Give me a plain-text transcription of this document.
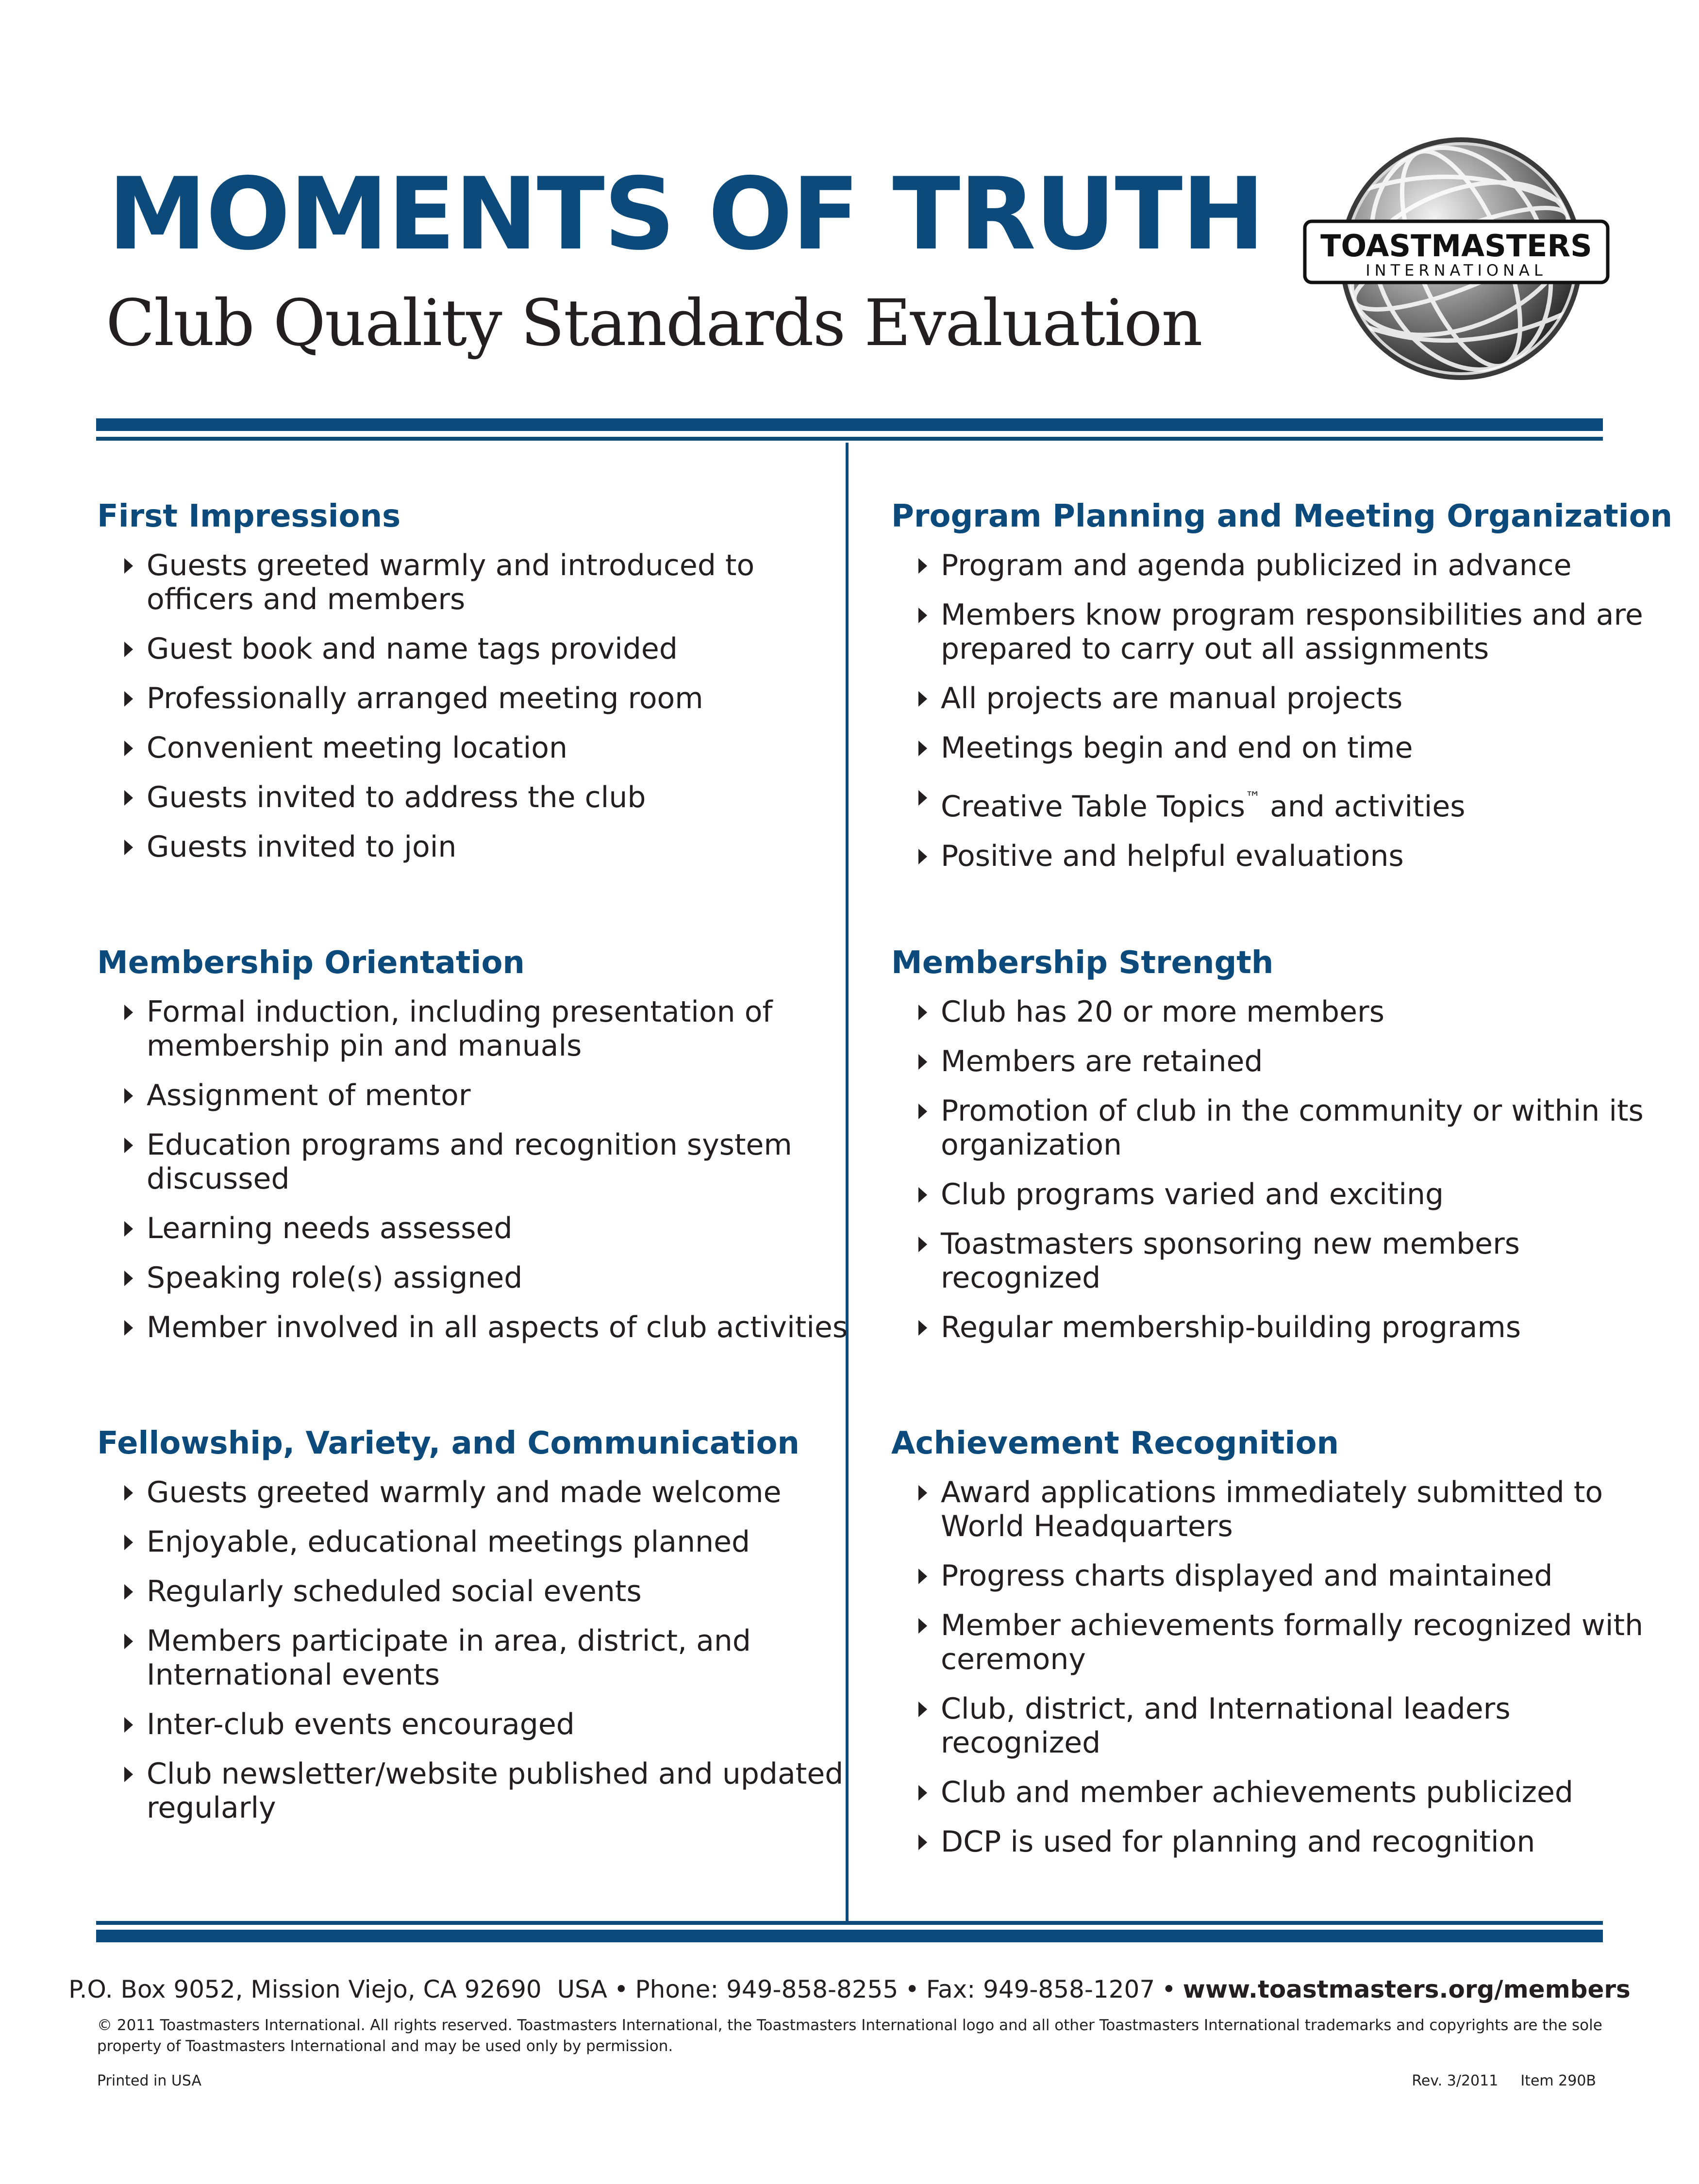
MOMENTS OF TRUTH

Club Quality Standards Evaluation

TOASTMASTERS
INTERNATIONAL
First Impressions
Guests greeted warmly and introduced to officers and members
Guest book and name tags provided
Professionally arranged meeting room
Convenient meeting location
Guests invited to address the club
Guests invited to join
Membership Orientation
Formal induction, including presentation of membership pin and manuals
Assignment of mentor
Education programs and recognition system discussed
Learning needs assessed
Speaking role(s) assigned
Member involved in all aspects of club activities
Fellowship, Variety, and Communication
Guests greeted warmly and made welcome
Enjoyable, educational meetings planned
Regularly scheduled social events
Members participate in area, district, and International events
Inter-club events encouraged
Club newsletter/website published and updated regularly
Program Planning and Meeting Organization
Program and agenda publicized in advance
Members know program responsibilities and are prepared to carry out all assignments
All projects are manual projects
Meetings begin and end on time
Creative Table Topics™ and activities
Positive and helpful evaluations
Membership Strength
Club has 20 or more members
Members are retained
Promotion of club in the community or within its organization
Club programs varied and exciting
Toastmasters sponsoring new members recognized
Regular membership-building programs
Achievement Recognition
Award applications immediately submitted to World Headquarters
Progress charts displayed and maintained
Member achievements formally recognized with ceremony
Club, district, and International leaders recognized
Club and member achievements publicized
DCP is used for planning and recognition
P.O. Box 9052, Mission Viejo, CA 92690  USA • Phone: 949-858-8255 • Fax: 949-858-1207 • www.toastmasters.org/members
© 2011 Toastmasters International. All rights reserved. Toastmasters International, the Toastmasters International logo and all other Toastmasters International trademarks and copyrights are the sole property of Toastmasters International and may be used only by permission.
Printed in USA	Rev. 3/2011 Item 290B
